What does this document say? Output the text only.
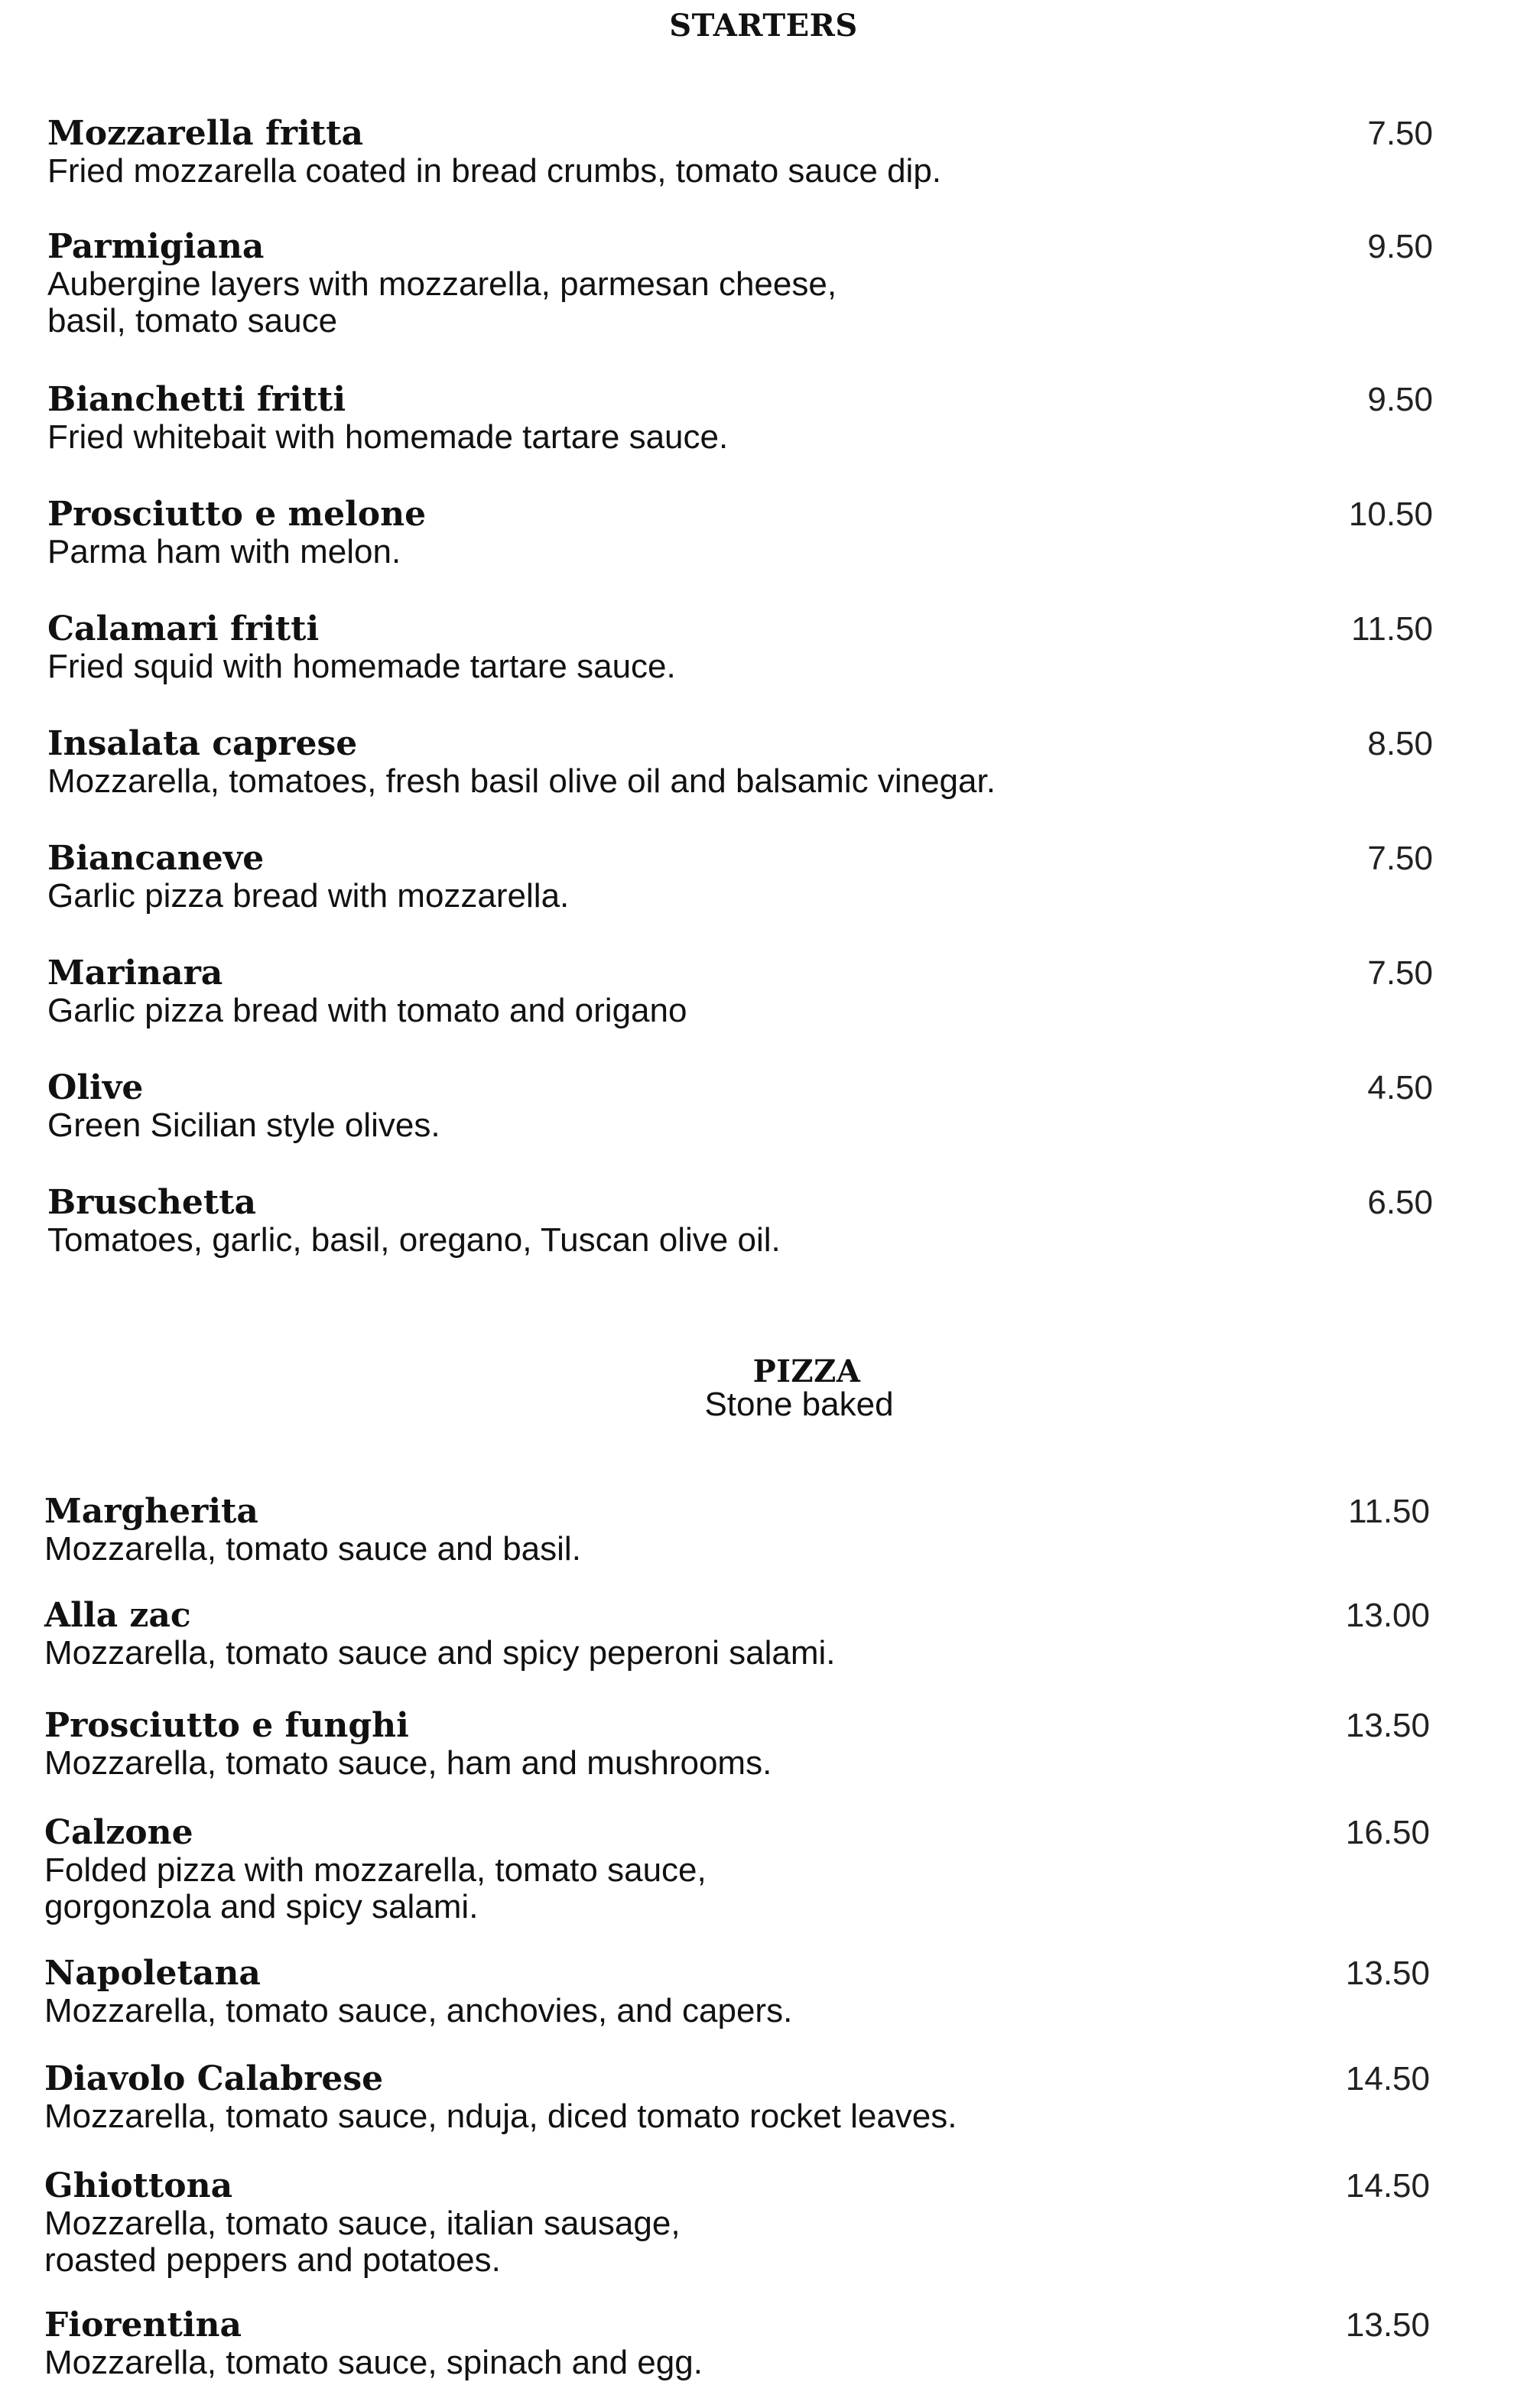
STARTERS
Mozzarella fritta	7.50
Fried mozzarella coated in bread crumbs, tomato sauce dip.
Parmigiana	9.50
Aubergine layers with mozzarella, parmesan cheese,
basil, tomato sauce
Bianchetti fritti	9.50
Fried whitebait with homemade tartare sauce.
Prosciutto e melone	10.50
Parma ham with melon.
Calamari fritti	11.50
Fried squid with homemade tartare sauce.
Insalata caprese	8.50
Mozzarella, tomatoes, fresh basil olive oil and balsamic vinegar.
Biancaneve	7.50
Garlic pizza bread with mozzarella.
Marinara	7.50
Garlic pizza bread with tomato and origano
Olive	4.50
Green Sicilian style olives.
Bruschetta	6.50
Tomatoes, garlic, basil, oregano, Tuscan olive oil.
PIZZA
Stone baked
Margherita	11.50
Mozzarella, tomato sauce and basil.
Alla zac	13.00
Mozzarella, tomato sauce and spicy peperoni salami.
Prosciutto e funghi	13.50
Mozzarella, tomato sauce, ham and mushrooms.
Calzone	16.50
Folded pizza with mozzarella, tomato sauce,
gorgonzola and spicy salami.
Napoletana	13.50
Mozzarella, tomato sauce, anchovies, and capers.
Diavolo Calabrese	14.50
Mozzarella, tomato sauce, nduja, diced tomato rocket leaves.
Ghiottona	14.50
Mozzarella, tomato sauce, italian sausage,
roasted peppers and potatoes.
Fiorentina	13.50
Mozzarella, tomato sauce, spinach and egg.
